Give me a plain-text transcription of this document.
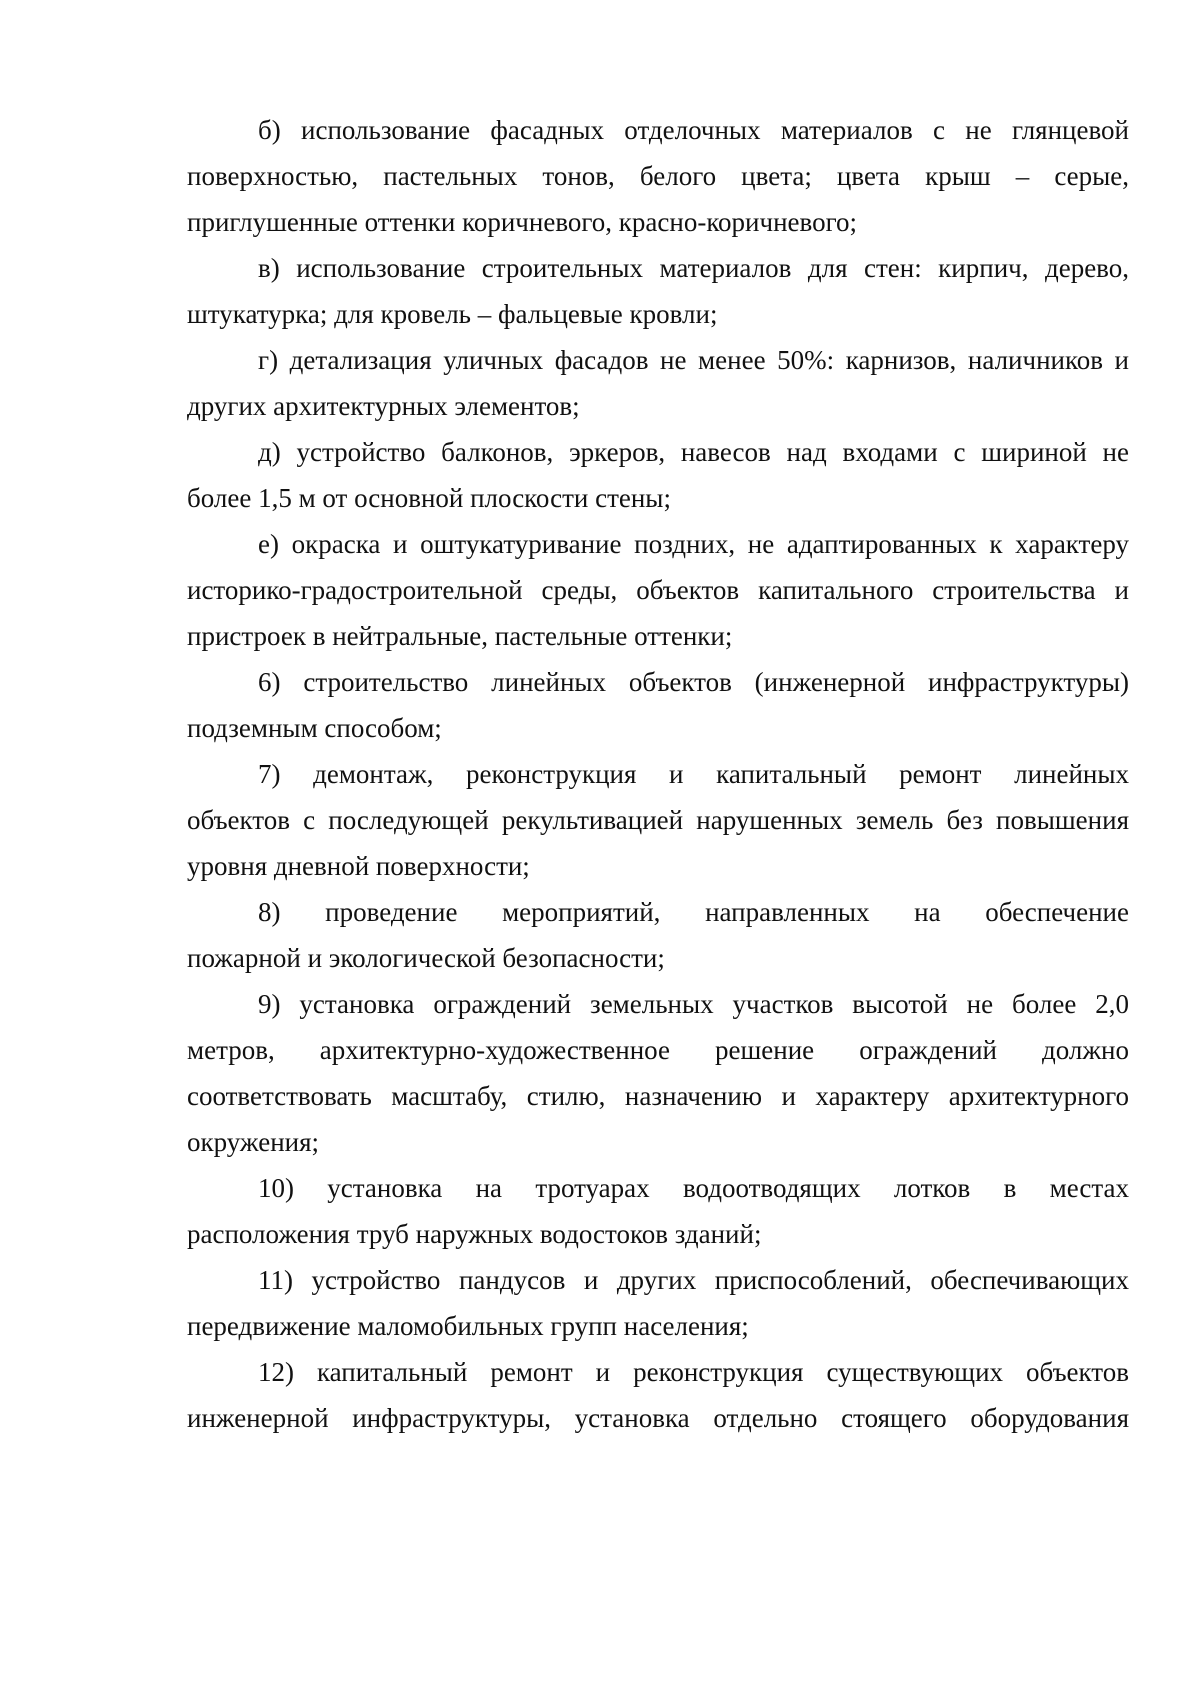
б) использование фасадных отделочных материалов с не глянцевой
поверхностью, пастельных тонов, белого цвета; цвета крыш – серые,
приглушенные оттенки коричневого, красно-коричневого;

в) использование строительных материалов для стен: кирпич, дерево,
штукатурка; для кровель – фальцевые кровли;

г) детализация уличных фасадов не менее 50%: карнизов, наличников и
других архитектурных элементов;

д) устройство балконов, эркеров, навесов над входами с шириной не
более 1,5 м от основной плоскости стены;

е) окраска и оштукатуривание поздних, не адаптированных к характеру
историко-градостроительной среды, объектов капитального строительства и
пристроек в нейтральные, пастельные оттенки;

6) строительство линейных объектов (инженерной инфраструктуры)
подземным способом;

7) демонтаж, реконструкция и капитальный ремонт линейных
объектов с последующей рекультивацией нарушенных земель без повышения
уровня дневной поверхности;

8) проведение мероприятий, направленных на обеспечение
пожарной и экологической безопасности;

9) установка ограждений земельных участков высотой не более 2,0
метров, архитектурно-художественное решение ограждений должно
соответствовать масштабу, стилю, назначению и характеру архитектурного
окружения;

10) установка на тротуарах водоотводящих лотков в местах
расположения труб наружных водостоков зданий;

11) устройство пандусов и других приспособлений, обеспечивающих
передвижение маломобильных групп населения;

12) капитальный ремонт и реконструкция существующих объектов
инженерной инфраструктуры, установка отдельно стоящего оборудования
